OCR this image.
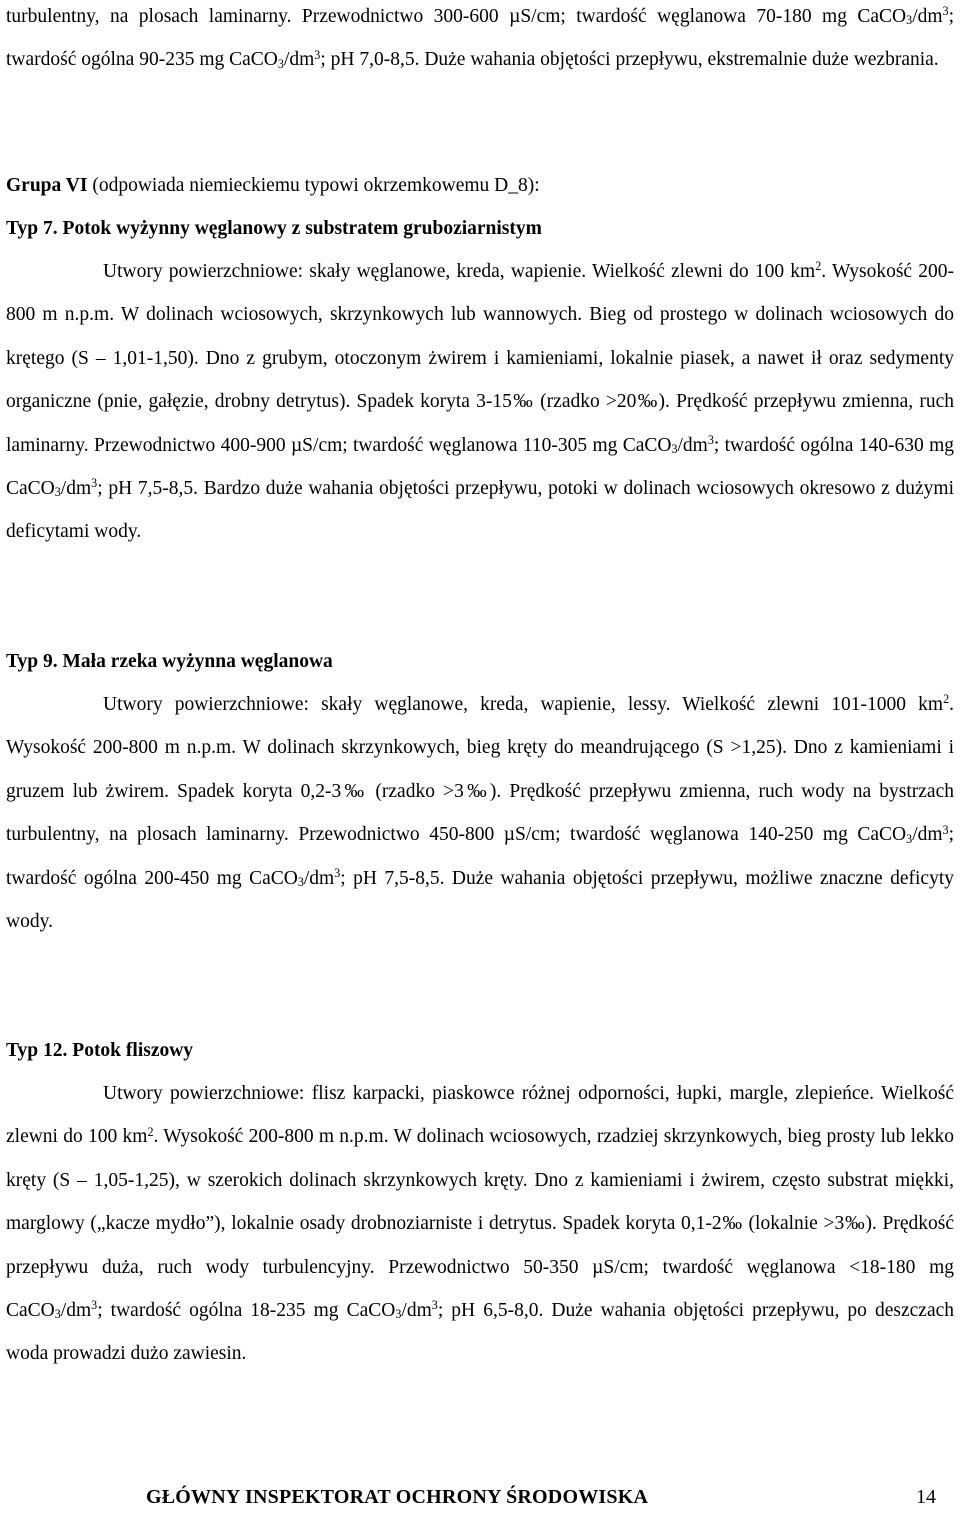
turbulentny, na plosach laminarny. Przewodnictwo 300-600 µS/cm; twardość węglanowa 70-180 mg $CaCO_3/dm^3$; twardość ogólna 90-235 mg $CaCO_3/dm^3$; pH 7,0-8,5. Duże wahania objętości przepływu, ekstremalnie duże wezbrania.

Grupa VI (odpowiada niemieckiemu typowi okrzemkowemu D_8):

Typ 7. Potok wyżynny węglanowy z substratem gruboziarnistym

Utwory powierzchniowe: skały węglanowe, kreda, wapienie. Wielkość zlewni do 100 $km^2$. Wysokość 200-800 m n.p.m. W dolinach wciosowych, skrzynkowych lub wannowych. Bieg od prostego w dolinach wciosowych do krętego (S – 1,01-1,50). Dno z grubym, otoczonym żwirem i kamieniami, lokalnie piasek, a nawet ił oraz sedymenty organiczne (pnie, gałęzie, drobny detrytus). Spadek koryta 3-15‰ (rzadko >20‰). Prędkość przepływu zmienna, ruch laminarny. Przewodnictwo 400-900 µS/cm; twardość węglanowa 110-305 mg $CaCO_3/dm^3$; twardość ogólna 140-630 mg $CaCO_3/dm^3$; pH 7,5-8,5. Bardzo duże wahania objętości przepływu, potoki w dolinach wciosowych okresowo z dużymi deficytami wody.

Typ 9. Mała rzeka wyżynna węglanowa

Utwory powierzchniowe: skały węglanowe, kreda, wapienie, lessy. Wielkość zlewni 101-1000 $km^2$. Wysokość 200-800 m n.p.m. W dolinach skrzynkowych, bieg kręty do meandrującego (S >1,25). Dno z kamieniami i gruzem lub żwirem. Spadek koryta 0,2-3‰ (rzadko >3‰). Prędkość przepływu zmienna, ruch wody na bystrzach turbulentny, na plosach laminarny. Przewodnictwo 450-800 µS/cm; twardość węglanowa 140-250 mg $CaCO_3/dm^3$; twardość ogólna 200-450 mg $CaCO_3/dm^3$; pH 7,5-8,5. Duże wahania objętości przepływu, możliwe znaczne deficyty wody.

Typ 12. Potok fliszowy

Utwory powierzchniowe: flisz karpacki, piaskowce różnej odporności, łupki, margle, zlepieńce. Wielkość zlewni do 100 $km^2$. Wysokość 200-800 m n.p.m. W dolinach wciosowych, rzadziej skrzynkowych, bieg prosty lub lekko kręty (S – 1,05-1,25), w szerokich dolinach skrzynkowych kręty. Dno z kamieniami i żwirem, często substrat miękki, marglowy („kacze mydło”), lokalnie osady drobnoziarniste i detrytus. Spadek koryta 0,1-2‰ (lokalnie >3‰). Prędkość przepływu duża, ruch wody turbulencyjny. Przewodnictwo 50-350 µS/cm; twardość węglanowa <18-180 mg $CaCO_3/dm^3$; twardość ogólna 18-235 mg $CaCO_3/dm^3$; pH 6,5-8,0. Duże wahania objętości przepływu, po deszczach woda prowadzi dużo zawiesin.

GŁÓWNY INSPEKTORAT OCHRONY ŚRODOWISKA	14
